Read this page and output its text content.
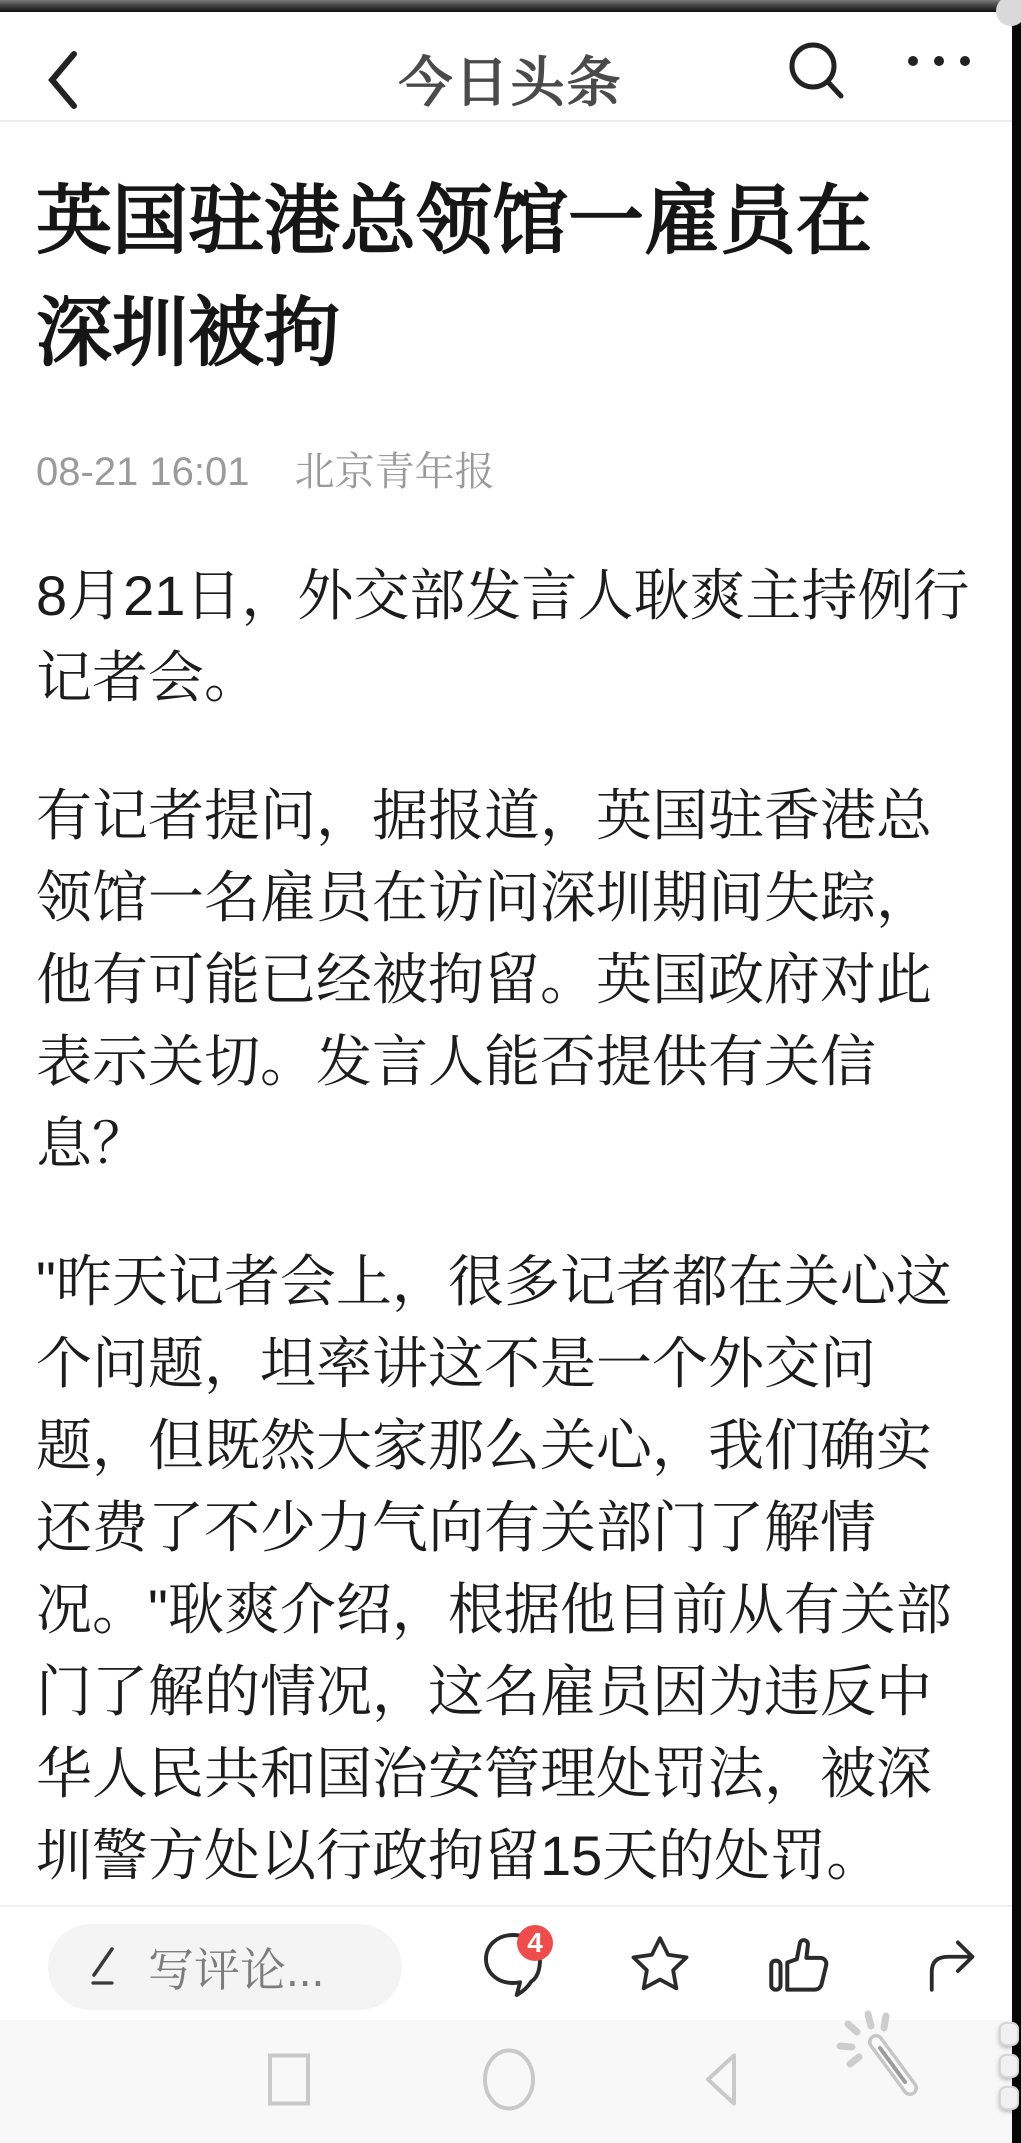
今日头条
英国驻港总领馆一雇员在深圳被拘
08-21 16:01 北京青年报

8月21日，外交部发言人耿爽主持例行记者会。

有记者提问，据报道，英国驻香港总领馆一名雇员在访问深圳期间失踪，他有可能已经被拘留。英国政府对此表示关切。发言人能否提供有关信息？

"昨天记者会上，很多记者都在关心这个问题，坦率讲这不是一个外交问题，但既然大家那么关心，我们确实还费了不少力气向有关部门了解情况。"耿爽介绍，根据他目前从有关部门了解的情况，这名雇员因为违反中华人民共和国治安管理处罚法，被深圳警方处以行政拘留15天的处罚。

写评论...
4
